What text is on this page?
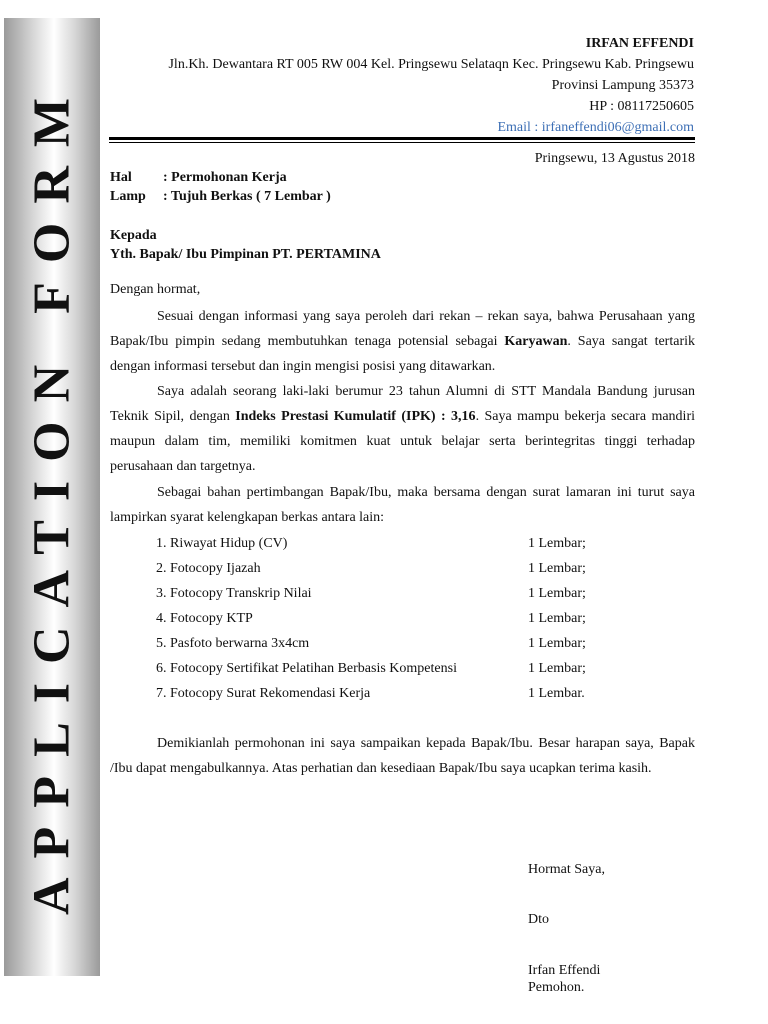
APPLICATION FORM
IRFAN EFFENDI
Jln.Kh. Dewantara RT 005 RW 004 Kel. Pringsewu Selataqn Kec. Pringsewu Kab. Pringsewu
Provinsi Lampung 35373
HP : 08117250605
Email : irfaneffendi06@gmail.com
Pringsewu, 13 Agustus 2018
Hal	: Permohonan Kerja
Lamp	: Tujuh Berkas ( 7 Lembar )
Kepada
Yth. Bapak/ Ibu Pimpinan PT. PERTAMINA
Dengan hormat,
Sesuai dengan informasi yang saya peroleh dari rekan – rekan saya, bahwa Perusahaan yang Bapak/Ibu pimpin sedang membutuhkan tenaga potensial sebagai Karyawan. Saya sangat tertarik dengan informasi tersebut dan ingin mengisi posisi yang ditawarkan.
Saya adalah seorang laki-laki berumur 23 tahun Alumni di STT Mandala Bandung jurusan Teknik Sipil, dengan Indeks Prestasi Kumulatif (IPK) : 3,16. Saya mampu bekerja secara mandiri maupun dalam tim, memiliki komitmen kuat untuk belajar serta berintegritas tinggi terhadap perusahaan dan targetnya.
Sebagai bahan pertimbangan Bapak/Ibu, maka bersama dengan surat lamaran ini turut saya lampirkan syarat kelengkapan berkas antara lain:
1. Riwayat Hidup (CV)	1 Lembar;
2. Fotocopy Ijazah	1 Lembar;
3. Fotocopy Transkrip Nilai	1 Lembar;
4. Fotocopy KTP	1 Lembar;
5. Pasfoto berwarna 3x4cm	1 Lembar;
6. Fotocopy Sertifikat Pelatihan Berbasis Kompetensi	1 Lembar;
7. Fotocopy Surat Rekomendasi Kerja	1 Lembar.
Demikianlah permohonan ini saya sampaikan kepada Bapak/Ibu. Besar harapan saya, Bapak /Ibu dapat mengabulkannya. Atas perhatian dan kesediaan Bapak/Ibu saya ucapkan terima kasih.
Hormat Saya,
Dto
Irfan Effendi
Pemohon.
